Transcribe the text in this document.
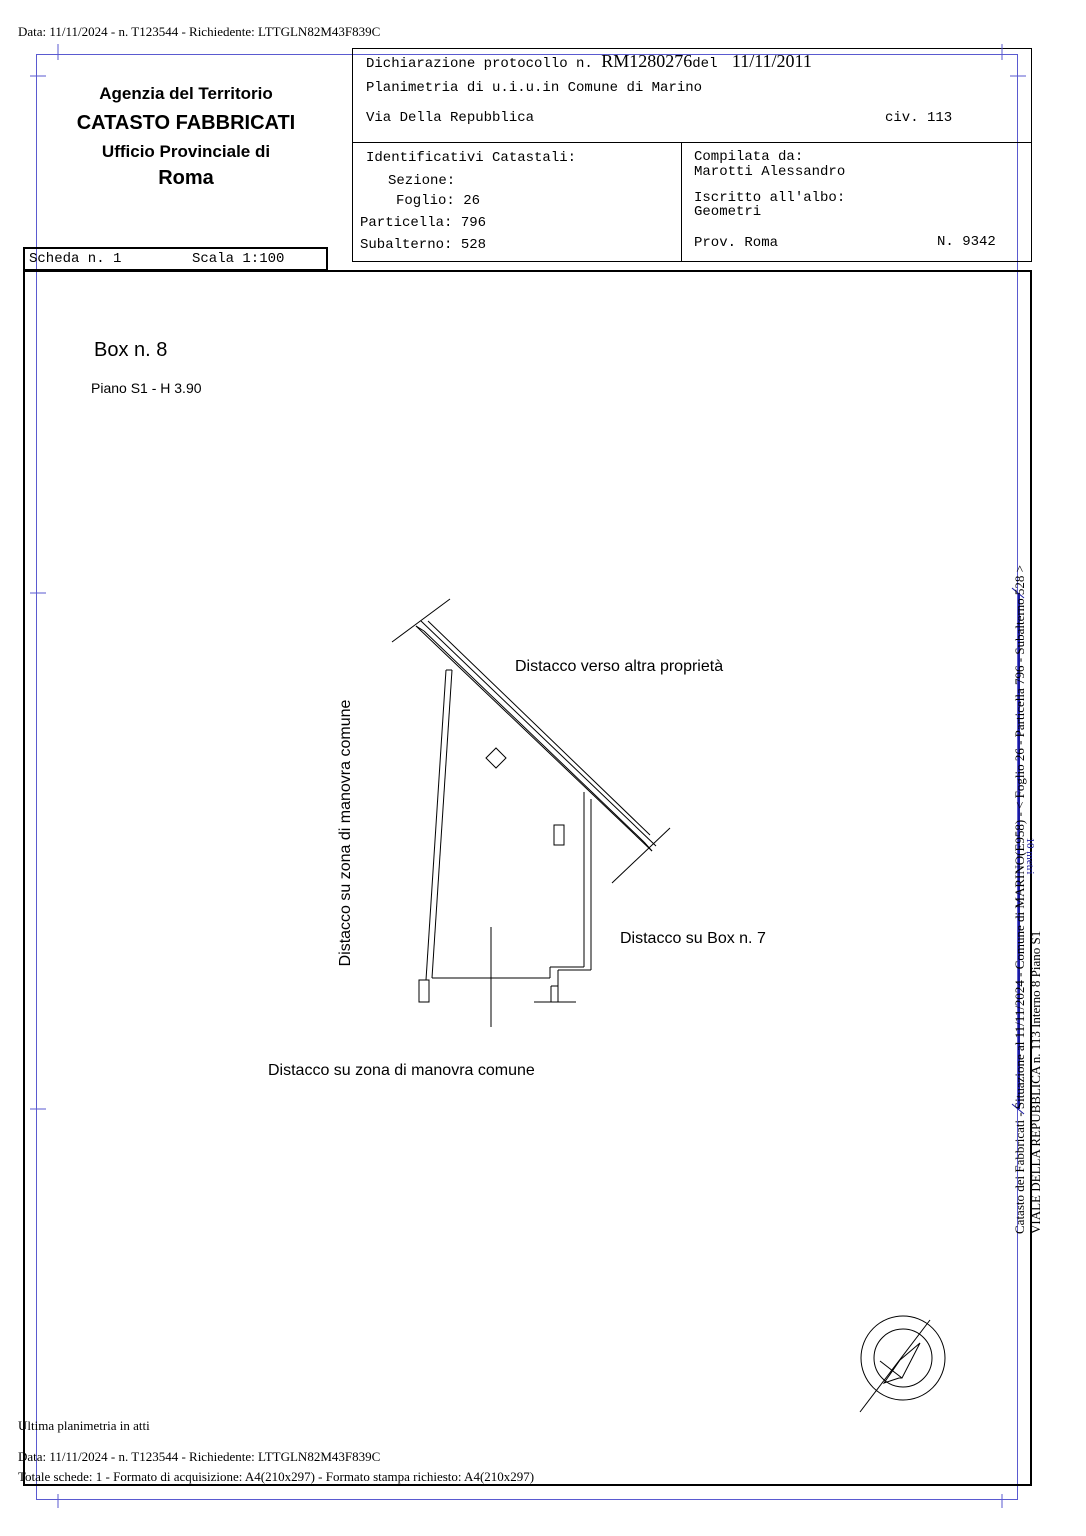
Data: 11/11/2024 - n. T123544 - Richiedente: LTTGLN82M43F839C
Agenzia del Territorio
CATASTO FABBRICATI
Ufficio Provinciale di
Roma
Dichiarazione protocollo n. RM1280276del 11/11/2011
Planimetria di u.i.u.in Comune di Marino
Via Della Repubblica	civ. 113
Identificativi Catastali:
Sezione:
Foglio: 26
Particella: 796
Subalterno: 528
Compilata da:
Marotti Alessandro
Iscritto all'albo:
Geometri
Prov. Roma	N. 9342
Scheda n. 1	Scala 1:100
Box n. 8
Piano S1 - H 3.90
Distacco verso altra proprietà
Distacco su Box n. 7
Distacco su zona di manovra comune
Distacco su zona di manovra comune	Catasto dei Fabbricati - Situazione al 11/11/2024 - Comune di MARINO(E958) - < Foglio 26 - Particella 796 - Subalterno 528 > VIALE DELLA REPUBBLICA n. 113 Interno 8 Piano S1
10 metri
Ultima planimetria in atti
Data: 11/11/2024 - n. T123544 - Richiedente: LTTGLN82M43F839C
Totale schede: 1 - Formato di acquisizione: A4(210x297) - Formato stampa richiesto: A4(210x297)
